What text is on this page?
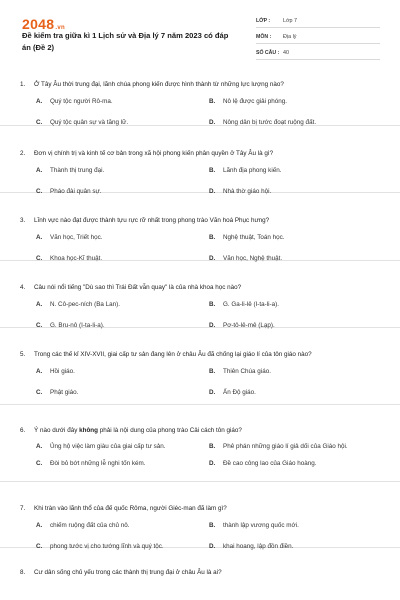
2048.vn
Đề kiểm tra giữa kì 1 Lịch sử và Địa lý 7 năm 2023 có đáp án (Đề 2)
LỚP :	Lớp 7
MÔN :	Địa lý
SỐ CÂU : 40
1. Ở Tây Âu thời trung đại, lãnh chúa phong kiến được hình thành từ những lực lượng nào?
A.	Quý tộc người Rô-ma.	B.	Nô lệ được giải phóng.
C.	Quý tộc quân sự và tăng lữ.	D.	Nông dân bị tước đoạt ruộng đất.
2. Đơn vị chính trị và kinh tế cơ bản trong xã hội phong kiến phân quyền ở Tây Âu là gì?
A.	Thành thị trung đại.	B.	Lãnh địa phong kiến.
C.	Pháo đài quân sự.	D.	Nhà thờ giáo hội.
3. Lĩnh vực nào đạt được thành tựu rực rỡ nhất trong phong trào Văn hoá Phục hưng?
A.	Văn học, Triết học.	B.	Nghệ thuật, Toán học.
C.	Khoa học-Kĩ thuật.	D.	Văn học, Nghệ thuật.
4. Câu nói nổi tiếng "Dù sao thì Trái Đất vẫn quay" là của nhà khoa học nào?
A.	N. Cô-pec-ních (Ba Lan).	B.	G. Ga-li-lê (I-ta-li-a).
C.	G. Bru-nô (I-ta-li-a).	D.	Pơ-tô-lê-mê (Lạp).
5. Trong các thế kỉ XIV-XVII, giai cấp tư sản đang lên ở châu Âu đã chống lại giáo lí của tôn giáo nào?
A.	Hồi giáo.	B.	Thiên Chúa giáo.
C.	Phật giáo.	D.	Ấn Độ giáo.
6. Ý nào dưới đây không phải là nội dung của phong trào Cải cách tôn giáo?
A.	Ủng hộ việc làm giàu của giai cấp tư sản.	B.	Phê phán những giáo lí giả dối của Giáo hội.
C.	Đòi bỏ bớt những lễ nghi tốn kém.	D.	Đề cao công lao của Giáo hoàng.
7. Khi tràn vào lãnh thổ của đế quốc Rôma, người Giéc-man đã làm gì?
A.	chiếm ruộng đất của chủ nô.	B.	thành lập vương quốc mới.
C.	phong tước vị cho tướng lĩnh và quý tộc.	D.	khai hoang, lập đồn điền.
8. Cư dân sống chủ yếu trong các thành thị trung đại ở châu Âu là ai?
